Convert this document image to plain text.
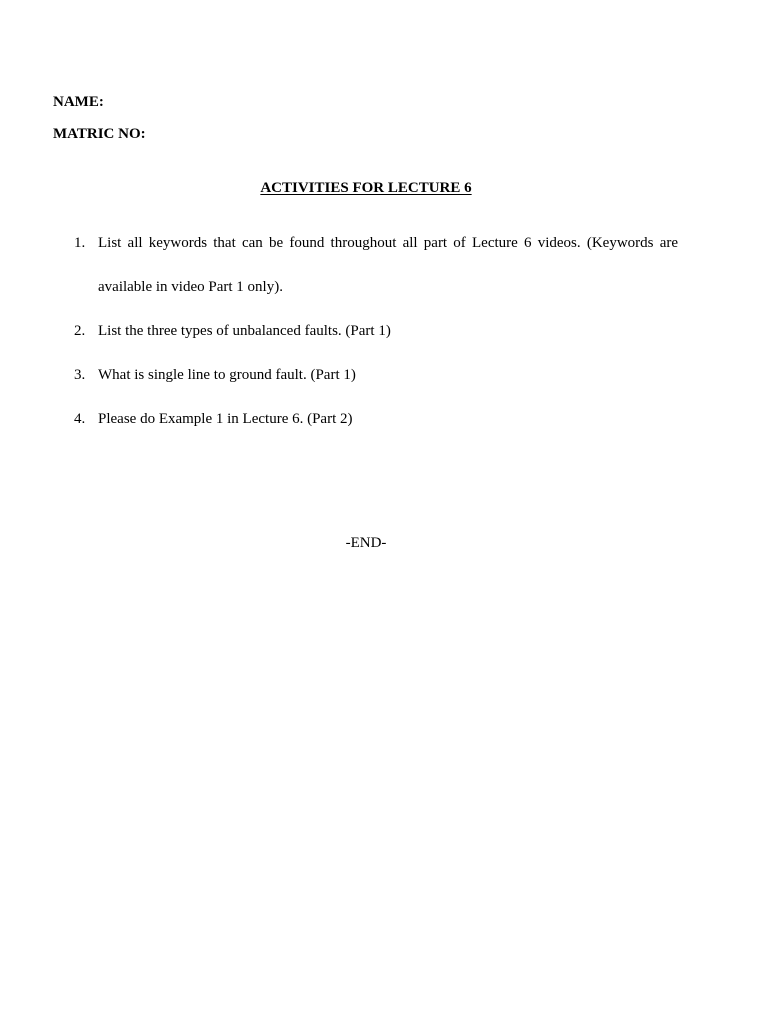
NAME:
MATRIC NO:
ACTIVITIES FOR LECTURE 6
1. List all keywords that can be found throughout all part of Lecture 6 videos. (Keywords are available in video Part 1 only).
2. List the three types of unbalanced faults. (Part 1)
3. What is single line to ground fault. (Part 1)
4. Please do Example 1 in Lecture 6. (Part 2)
-END-
